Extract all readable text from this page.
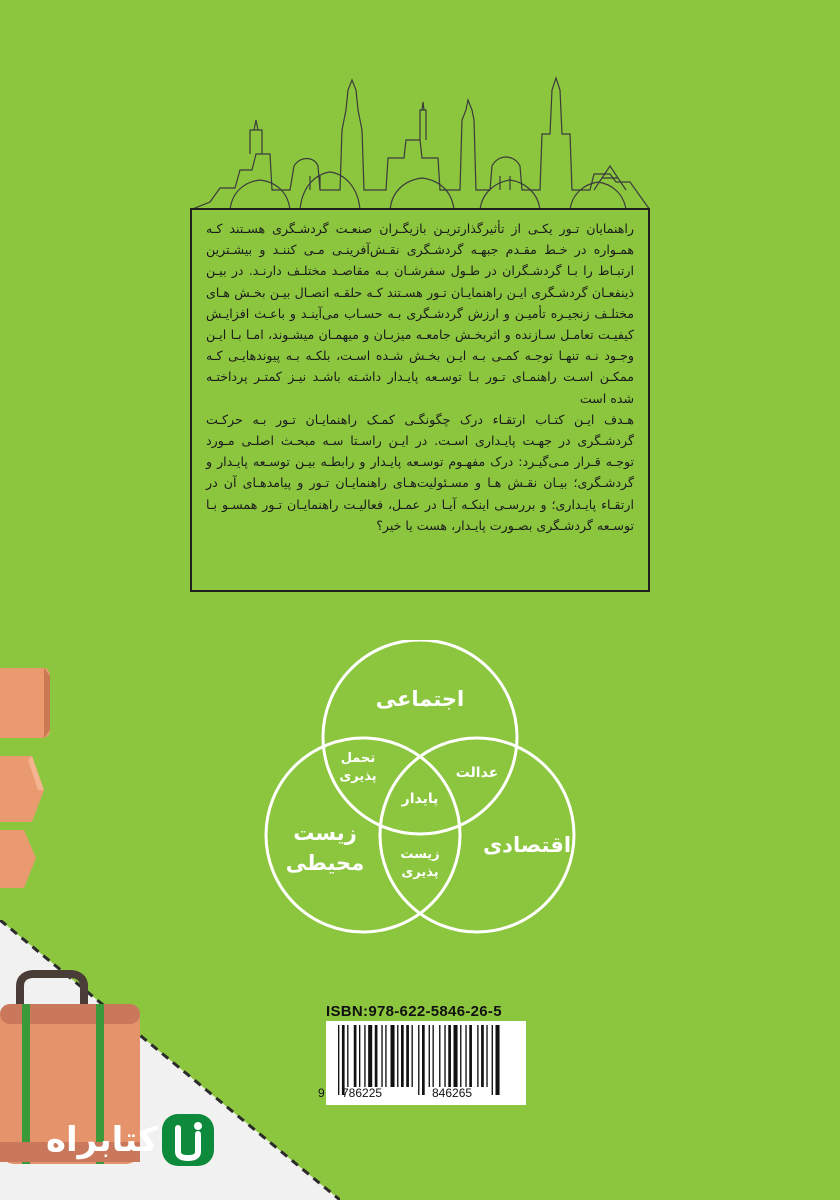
راهنمایان تـور یکـی از تأثیرگذارتریـن بازیگـران صنعـت گردشـگری هسـتند کـه همـواره در خـط مقـدم جبهـه گردشـگری نقـش‌آفرینـی مـی کننـد و بیشـترین ارتبـاط را بـا گردشـگران در طـول سفرشـان بـه مقاصـد مختلـف دارنـد. در بیـن ذینفعـان گردشـگری ایـن راهنمایـان تـور هسـتند کـه حلقـه اتصـال بیـن بخـش هـای مختلـف زنجیـره تأمیـن و ارزش گردشـگری بـه حسـاب می‌آینـد و باعـث افزایـش کیفیـت تعامـل سـازنده و اثربخـش جامعـه میزبـان و میهمـان میشـوند، امـا بـا ایـن وجـود نـه تنهـا توجـه کمـی بـه ایـن بخـش شـده اسـت، بلکـه بـه پیوندهایـی کـه ممکـن اسـت راهنمـای تـور بـا توسـعه پایـدار داشـته باشـد نیـز کمتـر پرداختـه شده است

هـدف ایـن کتـاب ارتقـاء درک چگونگـی کمـک راهنمایـان تـور بـه حرکـت گردشـگری در جهـت پایـداری اسـت. در ایـن راسـتا سـه مبحـث اصلـی مـورد توجـه قـرار مـی‌گیـرد: درک مفهـوم توسـعه پایـدار و رابطـه بیـن توسـعه پایـدار و گردشـگری؛ بیـان نقـش هـا و مسـئولیت‌هـای راهنمایـان تـور و پیامدهـای آن در ارتقـاء پایـداری؛ و بررسـی اینکـه آیـا در عمـل، فعالیـت راهنمایـان تـور همسـو بـا توسـعه گردشـگری بصـورت پایـدار، هست یا خیر؟

اجتماعی
اقتصادی
زیست
محیطی
تحمل
پذیری	عدالت
پایدار
زیست
پذیری
ISBN:978-622-5846-26-5
9 786225	846265
کتابراه
